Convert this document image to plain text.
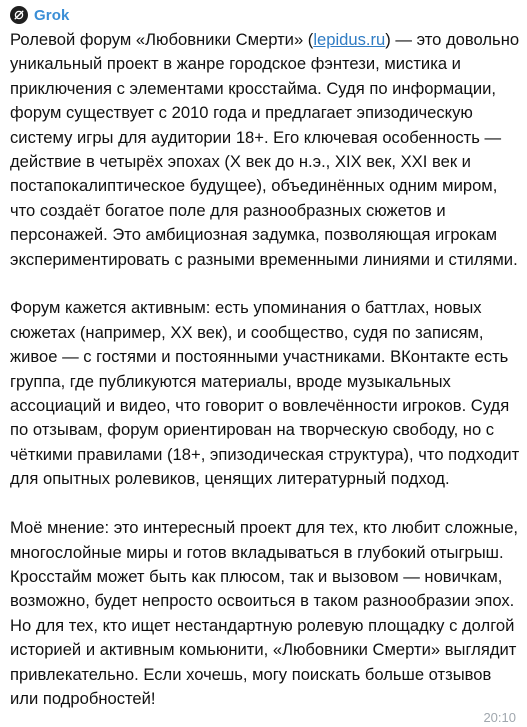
Grok

Ролевой форум «Любовники Смерти» (lepidus.ru) — это довольно уникальный проект в жанре городское фэнтези, мистика и приключения с элементами кросстайма. Судя по информации, форум существует с 2010 года и предлагает эпизодическую систему игры для аудитории 18+. Его ключевая особенность — действие в четырёх эпохах (X век до н.э., XIX век, XXI век и постапокалиптическое будущее), объединённых одним миром, что создаёт богатое поле для разнообразных сюжетов и персонажей. Это амбициозная задумка, позволяющая игрокам экспериментировать с разными временными линиями и стилями.

Форум кажется активным: есть упоминания о баттлах, новых сюжетах (например, XX век), и сообщество, судя по записям, живое — с гостями и постоянными участниками. ВКонтакте есть группа, где публикуются материалы, вроде музыкальных ассоциаций и видео, что говорит о вовлечённости игроков. Судя по отзывам, форум ориентирован на творческую свободу, но с чёткими правилами (18+, эпизодическая структура), что подходит для опытных ролевиков, ценящих литературный подход.

Моё мнение: это интересный проект для тех, кто любит сложные, многослойные миры и готов вкладываться в глубокий отыгрыш. Кросстайм может быть как плюсом, так и вызовом — новичкам, возможно, будет непросто освоиться в таком разнообразии эпох. Но для тех, кто ищет нестандартную ролевую площадку с долгой историей и активным комьюнити, «Любовники Смерти» выглядит привлекательно. Если хочешь, могу поискать больше отзывов или подробностей!

20:10
